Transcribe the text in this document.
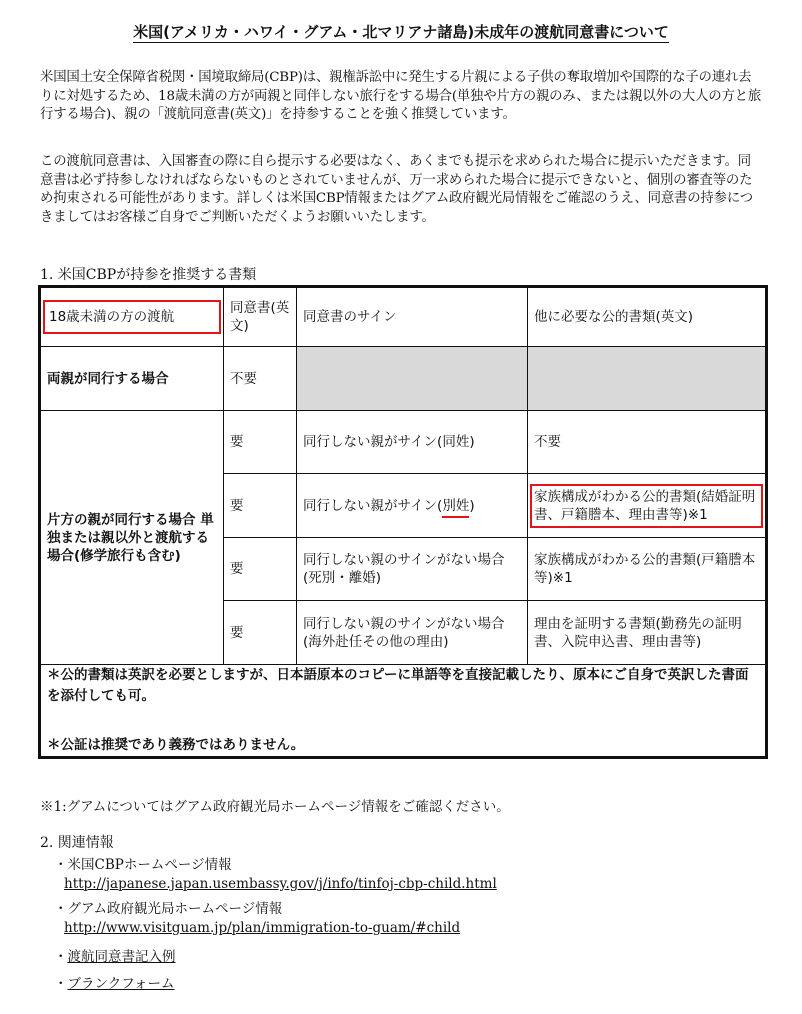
米国(アメリカ・ハワイ・グアム・北マリアナ諸島)未成年の渡航同意書について

米国国土安全保障省税関・国境取締局(CBP)は、親権訴訟中に発生する片親による子供の奪取増加や国際的な子の連れ去りに対処するため、18歳未満の方が両親と同伴しない旅行をする場合(単独や片方の親のみ、または親以外の大人の方と旅行する場合)、親の「渡航同意書(英文)」を持参することを強く推奨しています。

この渡航同意書は、入国審査の際に自ら提示する必要はなく、あくまでも提示を求められた場合に提示いただきます。同意書は必ず持参しなければならないものとされていませんが、万一求められた場合に提示できないと、個別の審査等のため拘束される可能性があります。詳しくは米国CBP情報またはグアム政府観光局情報をご確認のうえ、同意書の持参につきましてはお客様ご自身でご判断いただくようお願いいたします。

1. 米国CBPが持参を推奨する書類
18歳未満の方の渡航	同意書(英文)	同意書のサイン	他に必要な公的書類(英文)
両親が同行する場合	不要		
片方の親が同行する場合 単独または親以外と渡航する場合(修学旅行も含む)	要	同行しない親がサイン(同姓)	不要
	要	同行しない親がサイン(別姓)	家族構成がわかる公的書類(結婚証明書、戸籍謄本、理由書等)※1

	要	同行しない親のサインがない場合(死別・離婚)	家族構成がわかる公的書類(戸籍謄本等)※1
	要	同行しない親のサインがない場合(海外赴任その他の理由)	理由を証明する書類(勤務先の証明書、入院申込書、理由書等)

＊公的書類は英訳を必要としますが、日本語原本のコピーに単語等を直接記載したり、原本にご自身で英訳した書面を添付しても可。
＊公証は推奨であり義務ではありません。			
※1:グアムについてはグアム政府観光局ホームページ情報をご確認ください。
2. 関連情報
・米国CBPホームページ情報
http://japanese.japan.usembassy.gov/j/info/tinfoj-cbp-child.html
・グアム政府観光局ホームページ情報
http://www.visitguam.jp/plan/immigration-to-guam/#child
・渡航同意書記入例
・ブランクフォーム
